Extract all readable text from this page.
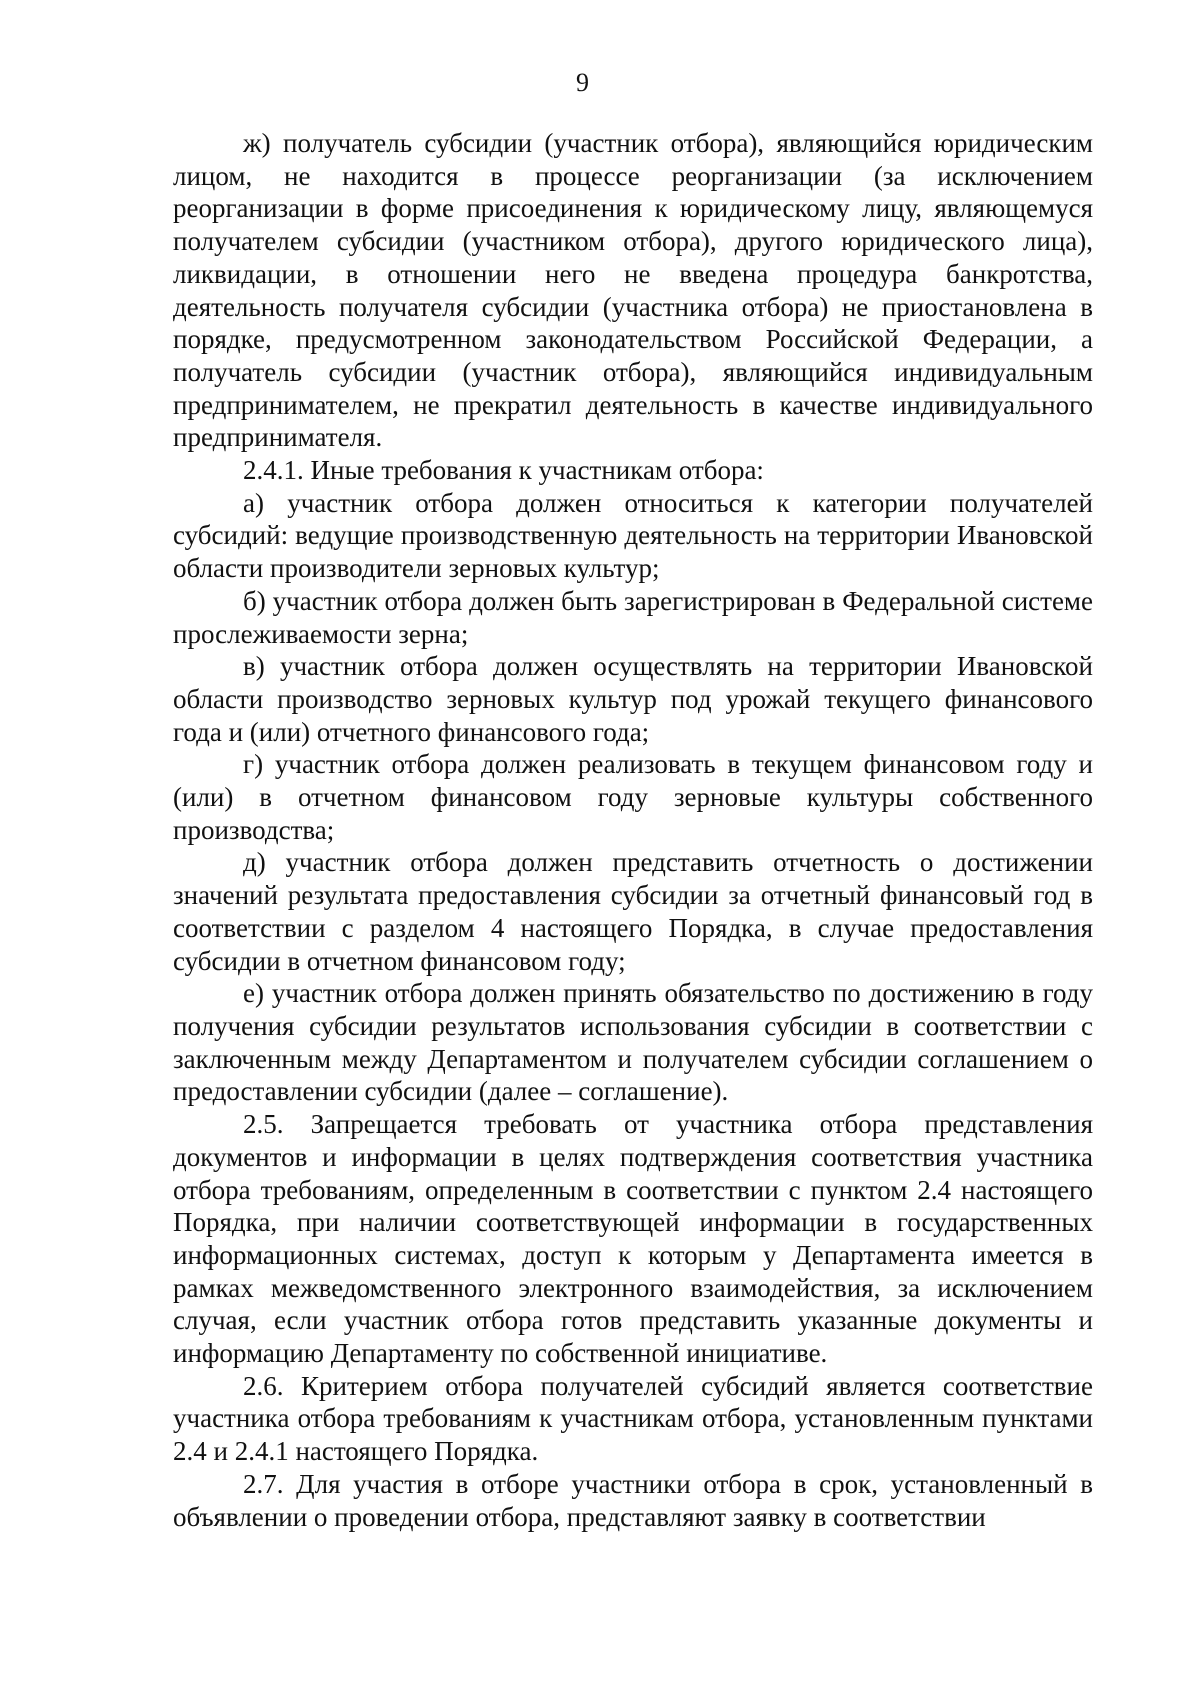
9

ж) получатель субсидии (участник отбора), являющийся юридическим лицом, не находится в процессе реорганизации (за исключением реорганизации в форме присоединения к юридическому лицу, являющемуся получателем субсидии (участником отбора), другого юридического лица), ликвидации, в отношении него не введена процедура банкротства, деятельность получателя субсидии (участника отбора) не приостановлена в порядке, предусмотренном законодательством Российской Федерации, а получатель субсидии (участник отбора), являющийся индивидуальным предпринимателем, не прекратил деятельность в качестве индивидуального предпринимателя.

2.4.1. Иные требования к участникам отбора:

а) участник отбора должен относиться к категории получателей субсидий: ведущие производственную деятельность на территории Ивановской области производители зерновых культур;

б) участник отбора должен быть зарегистрирован в Федеральной системе прослеживаемости зерна;

в) участник отбора должен осуществлять на территории Ивановской области производство зерновых культур под урожай текущего финансового года и (или) отчетного финансового года;

г) участник отбора должен реализовать в текущем финансовом году и (или) в отчетном финансовом году зерновые культуры собственного производства;

д) участник отбора должен представить отчетность о достижении значений результата предоставления субсидии за отчетный финансовый год в соответствии с разделом 4 настоящего Порядка, в случае предоставления субсидии в отчетном финансовом году;

е) участник отбора должен принять обязательство по достижению в году получения субсидии результатов использования субсидии в соответствии с заключенным между Департаментом и получателем субсидии соглашением о предоставлении субсидии (далее – соглашение).

2.5. Запрещается требовать от участника отбора представления документов и информации в целях подтверждения соответствия участника отбора требованиям, определенным в соответствии с пунктом 2.4 настоящего Порядка, при наличии соответствующей информации в государственных информационных системах, доступ к которым у Департамента имеется в рамках межведомственного электронного взаимодействия, за исключением случая, если участник отбора готов представить указанные документы и информацию Департаменту по собственной инициативе.

2.6. Критерием отбора получателей субсидий является соответствие участника отбора требованиям к участникам отбора, установленным пунктами 2.4 и 2.4.1 настоящего Порядка.

2.7. Для участия в отборе участники отбора в срок, установленный в объявлении о проведении отбора, представляют заявку в соответствии
